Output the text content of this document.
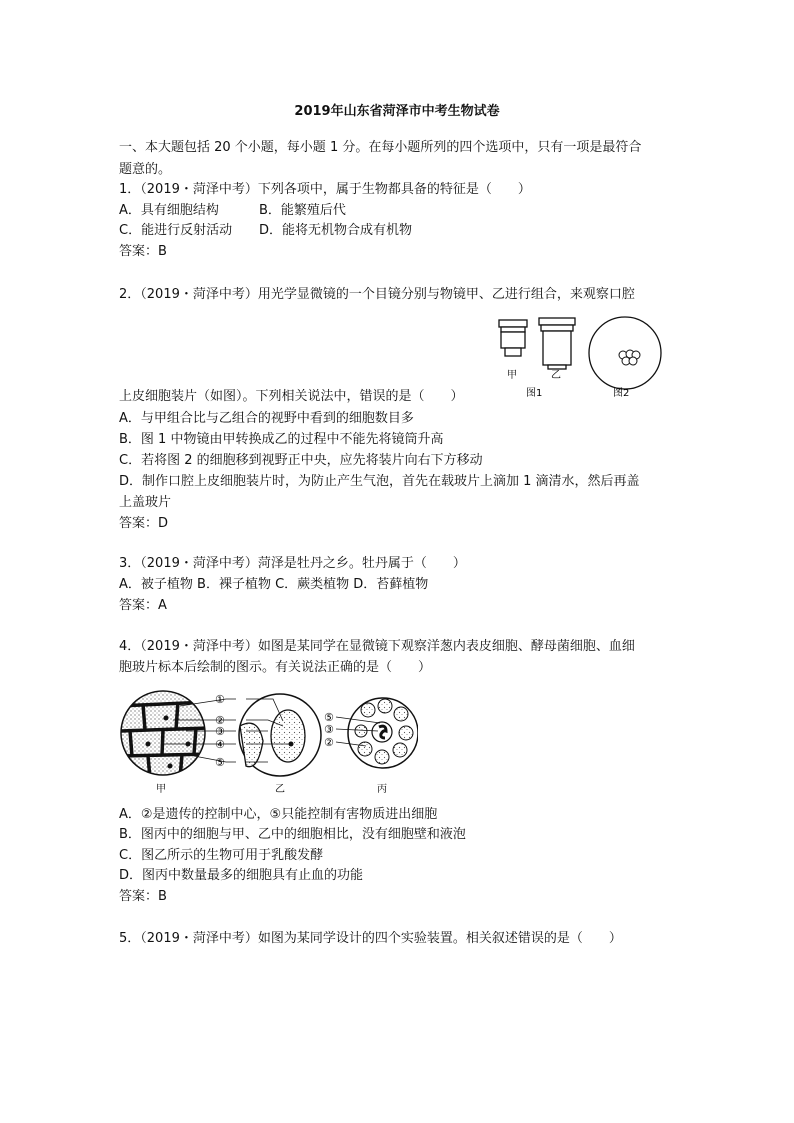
2019年山东省菏泽市中考生物试卷
一、本大题包括 20 个小题，每小题 1 分。在每小题所列的四个选项中，只有一项是最符合
题意的。
1．（2019・菏泽中考）下列各项中，属于生物都具备的特征是（　　）
A．具有细胞结构	B．能繁殖后代
C．能进行反射活动 D．能将无机物合成有机物
答案：B
2．（2019・菏泽中考）用光学显微镜的一个目镜分别与物镜甲、乙进行组合，来观察口腔
甲	乙
图1	图2
上皮细胞装片（如图）。下列相关说法中，错误的是（　　）
A．与甲组合比与乙组合的视野中看到的细胞数目多
B．图 1 中物镜由甲转换成乙的过程中不能先将镜筒升高
C．若将图 2 的细胞移到视野正中央，应先将装片向右下方移动
D．制作口腔上皮细胞装片时，为防止产生气泡，首先在载玻片上滴加 1 滴清水，然后再盖
上盖玻片
答案：D
3．（2019・菏泽中考）菏泽是牡丹之乡。牡丹属于（　　）
A．被子植物 B．裸子植物 C．蕨类植物 D．苔藓植物
答案：A
4．（2019・菏泽中考）如图是某同学在显微镜下观察洋葱内表皮细胞、酵母菌细胞、血细
胞玻片标本后绘制的图示。有关说法正确的是（　　）
①
②
③
④
⑤
⑤
③
②
甲	乙	丙
A．②是遗传的控制中心，⑤只能控制有害物质进出细胞
B．图丙中的细胞与甲、乙中的细胞相比，没有细胞壁和液泡
C．图乙所示的生物可用于乳酸发酵
D．图丙中数量最多的细胞具有止血的功能
答案：B
5．（2019・菏泽中考）如图为某同学设计的四个实验装置。相关叙述错误的是（　　）
